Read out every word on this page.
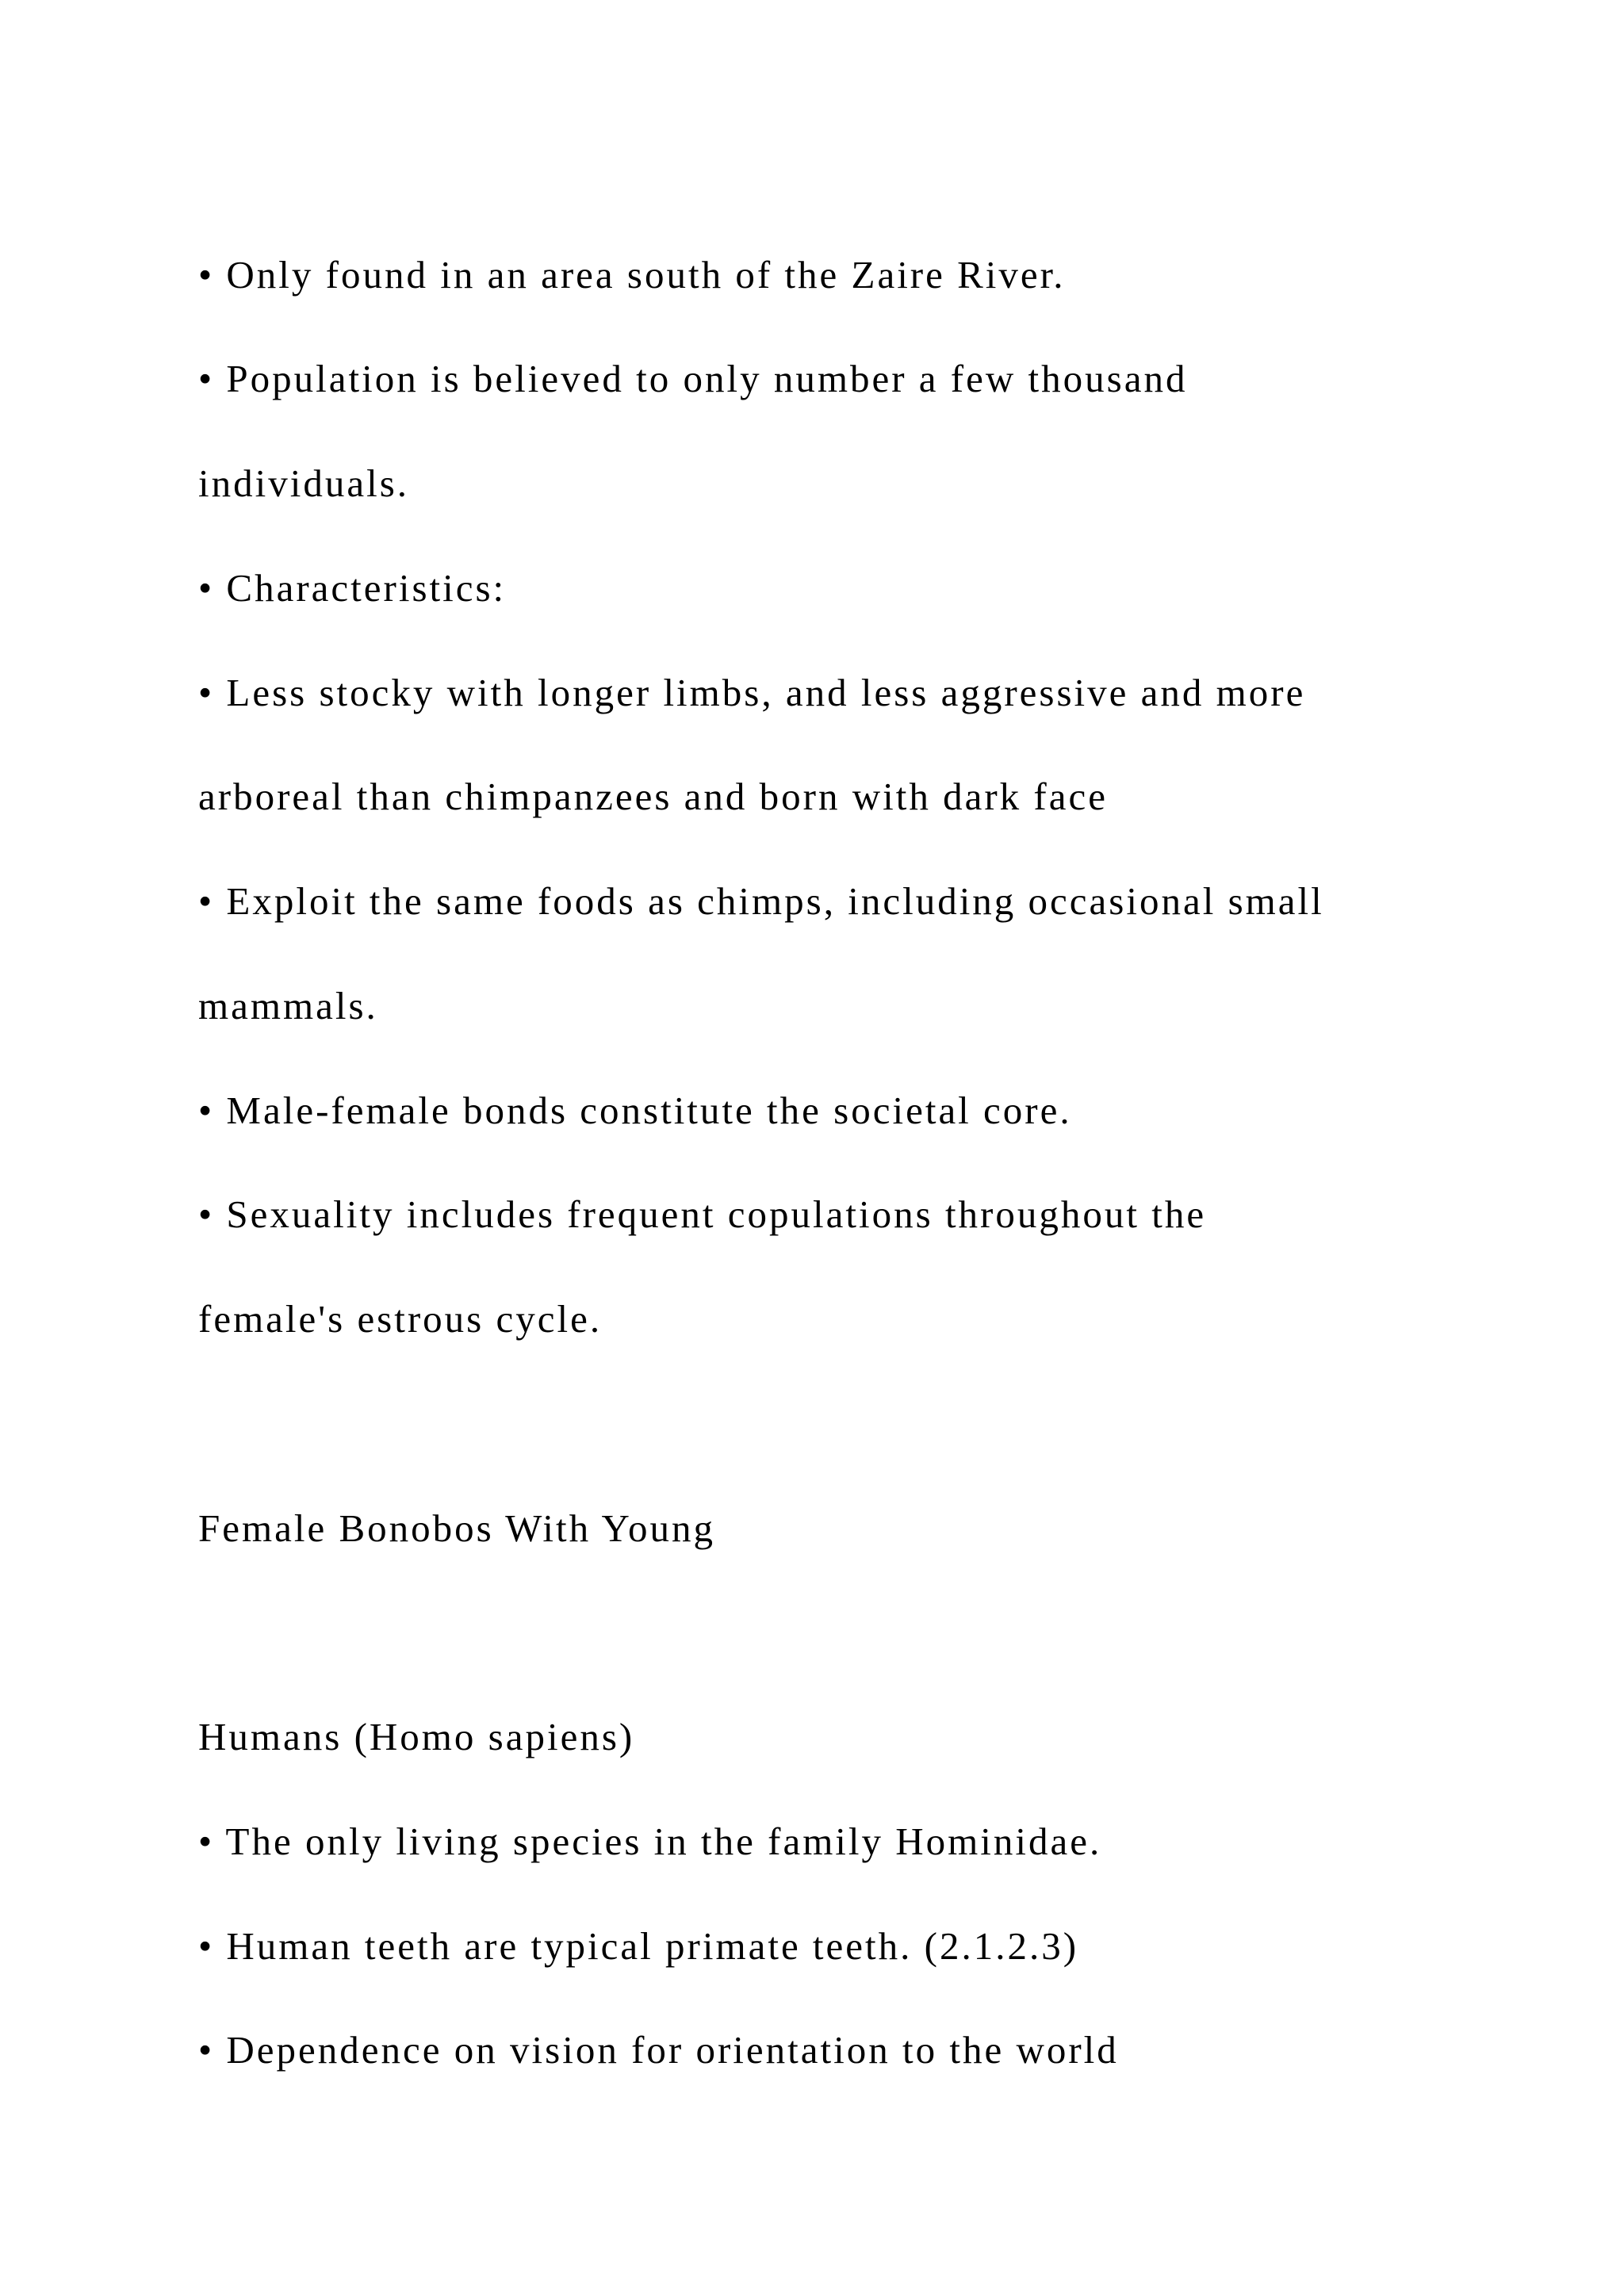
• Only found in an area south of the Zaire River.
• Population is believed to only number a few thousand
individuals.
• Characteristics:
• Less stocky with longer limbs, and less aggressive and more
arboreal than chimpanzees and born with dark face
• Exploit the same foods as chimps, including occasional small
mammals.
• Male-female bonds constitute the societal core.
• Sexuality includes frequent copulations throughout the
female's estrous cycle.
Female Bonobos With Young
Humans (Homo sapiens)
• The only living species in the family Hominidae.
• Human teeth are typical primate teeth. (2.1.2.3)
• Dependence on vision for orientation to the world
